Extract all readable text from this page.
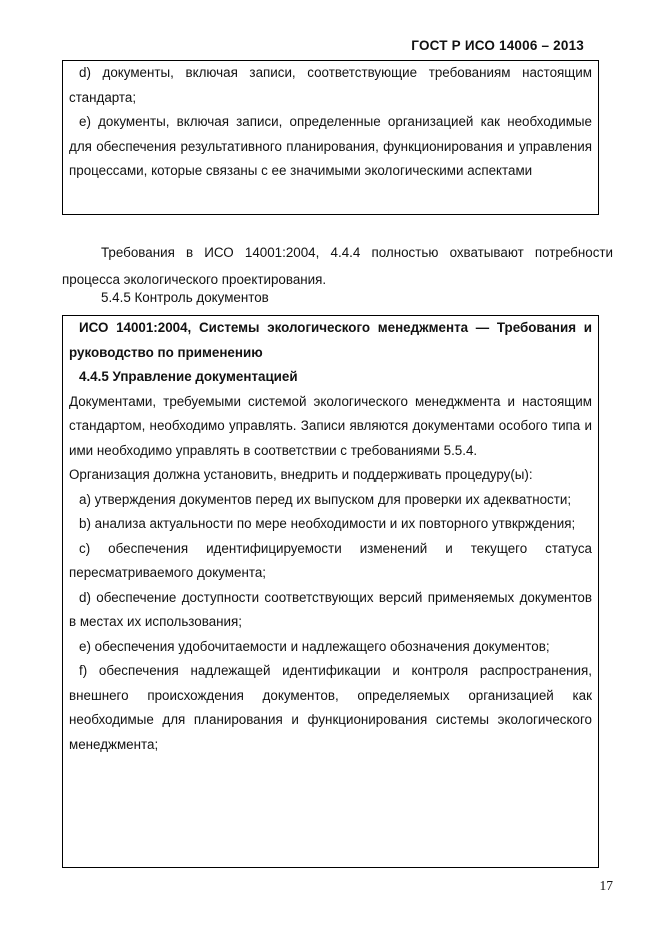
ГОСТ Р ИСО 14006 – 2013

d) документы, включая записи, соответствующие требованиям настоящим стандарта;

e) документы, включая записи, определенные организацией как необходимые для обеспечения результативного планирования, функционирования и управления процессами, которые связаны с ее значимыми экологическими аспектами

Требования в ИСО 14001:2004, 4.4.4 полностью охватывают потребности процесса экологического проектирования.

5.4.5 Контроль документов

ИСО 14001:2004, Системы экологического менеджмента — Требования и руководство по применению

4.4.5 Управление документацией

Документами, требуемыми системой экологического менеджмента и настоящим стандартом, необходимо управлять. Записи являются документами особого типа и ими необходимо управлять в соответствии с требованиями 5.5.4.

Организация должна установить, внедрить и поддерживать процедуру(ы):

a) утверждения документов перед их выпуском для проверки их адекватности;

b) анализа актуальности по мере необходимости и их повторного утвкрждения;

c) обеспечения идентифицируемости изменений и текущего статуса пересматриваемого документа;

d) обеспечение доступности соответствующих версий применяемых документов в местах их использования;

e) обеспечения удобочитаемости и надлежащего обозначения документов;

f) обеспечения надлежащей идентификации и контроля распространения, внешнего происхождения документов, определяемых организацией как необходимые для планирования и функционирования системы экологического менеджмента;

17
